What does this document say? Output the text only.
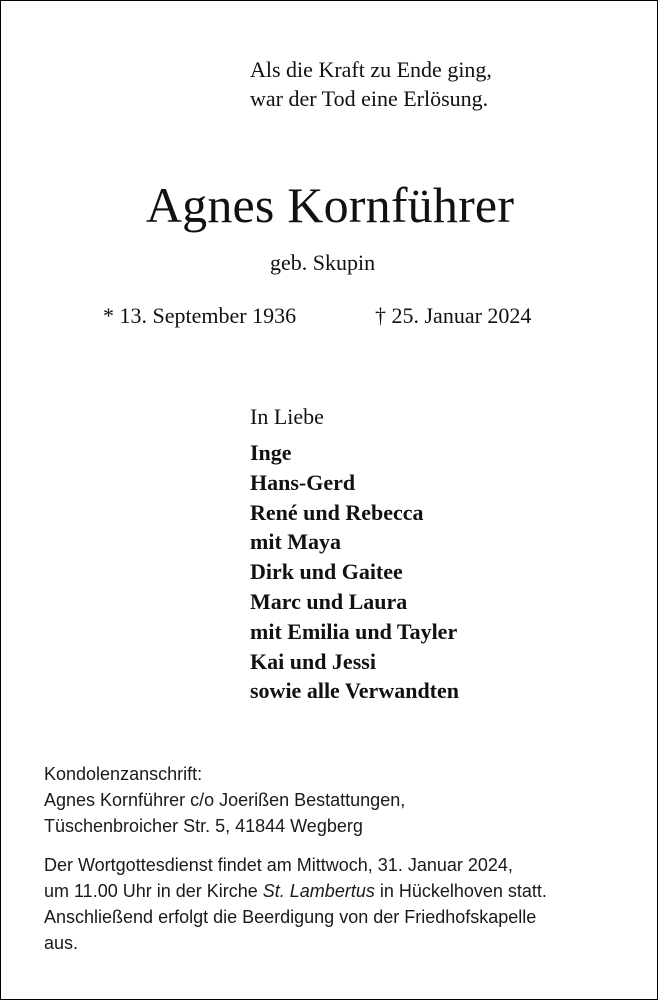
Als die Kraft zu Ende ging,
war der Tod eine Erlösung.
Agnes Kornführer
geb. Skupin
* 13. September 1936	† 25. Januar 2024
In Liebe
Inge
Hans-Gerd
René und Rebecca
mit Maya
Dirk und Gaitee
Marc und Laura
mit Emilia und Tayler
Kai und Jessi
sowie alle Verwandten
Kondolenzanschrift:
Agnes Kornführer c/o Joerißen Bestattungen,
Tüschenbroicher Str. 5, 41844 Wegberg
Der Wortgottesdienst findet am Mittwoch, 31. Januar 2024,
um 11.00 Uhr in der Kirche St. Lambertus in Hückelhoven statt.
Anschließend erfolgt die Beerdigung von der Friedhofskapelle
aus.
